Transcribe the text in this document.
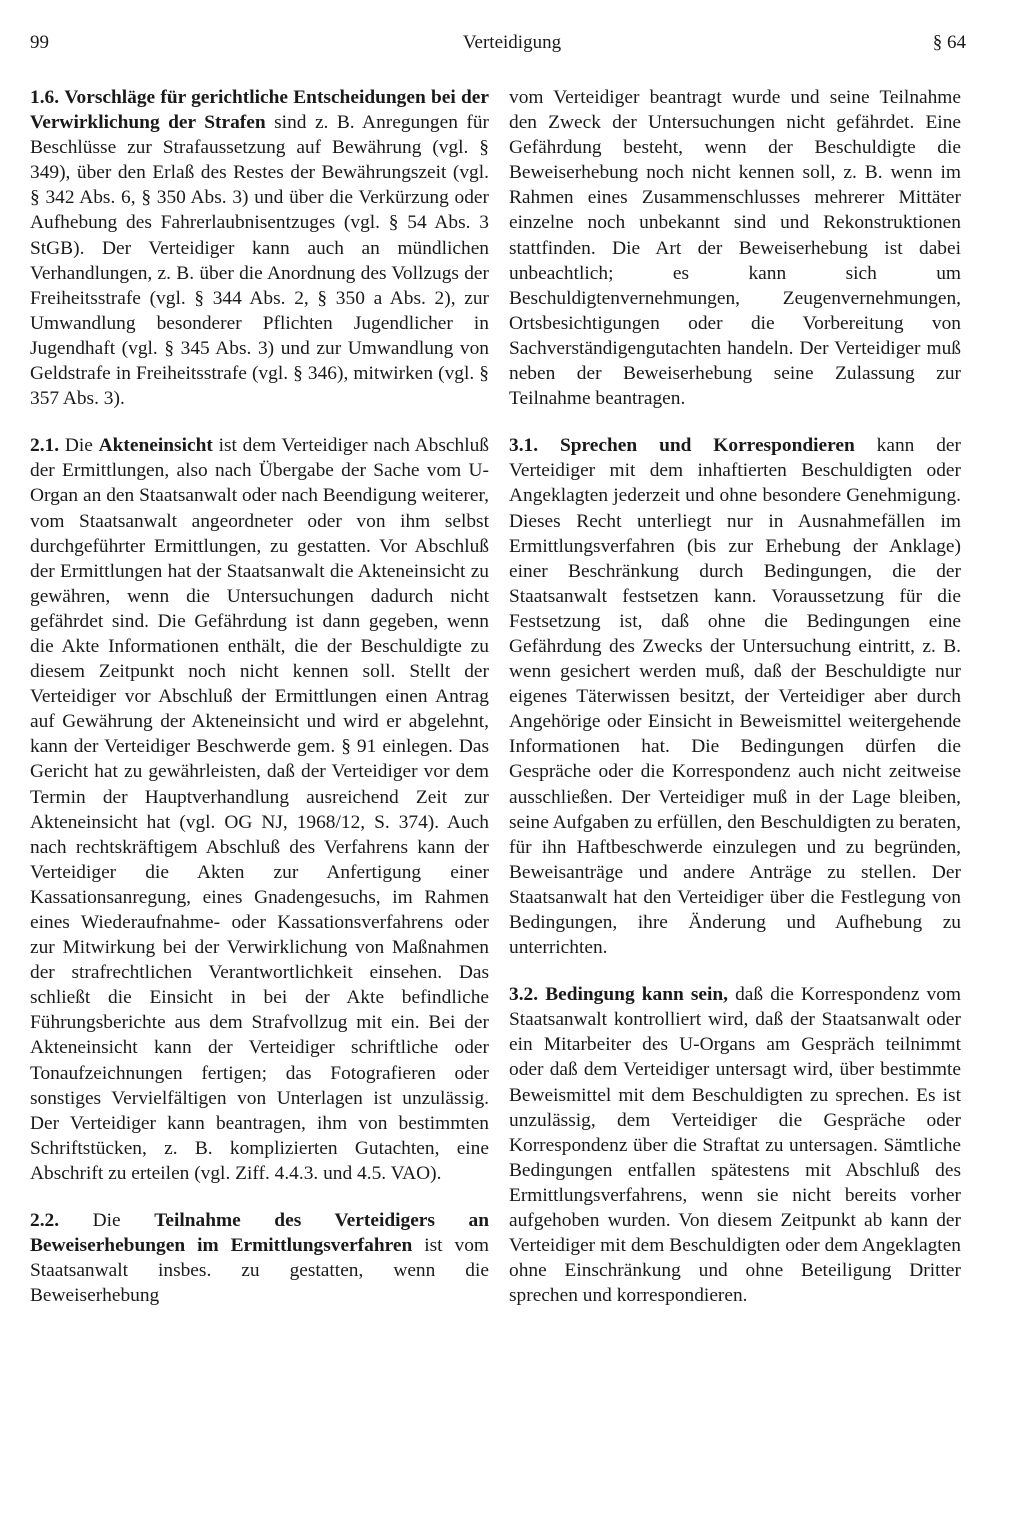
99	Verteidigung	§ 64

1.6. Vorschläge für gerichtliche Entscheidungen bei der Verwirklichung der Strafen sind z. B. Anregungen für Beschlüsse zur Strafaussetzung auf Bewährung (vgl. § 349), über den Erlaß des Restes der Bewährungszeit (vgl. § 342 Abs. 6, § 350 Abs. 3) und über die Verkürzung oder Aufhebung des Fahrerlaubnisentzuges (vgl. § 54 Abs. 3 StGB). Der Verteidiger kann auch an mündlichen Verhandlungen, z. B. über die Anordnung des Vollzugs der Freiheitsstrafe (vgl. § 344 Abs. 2, § 350 a Abs. 2), zur Umwandlung besonderer Pflichten Jugendlicher in Jugendhaft (vgl. § 345 Abs. 3) und zur Umwandlung von Geldstrafe in Freiheitsstrafe (vgl. § 346), mitwirken (vgl. § 357 Abs. 3).

2.1. Die Akteneinsicht ist dem Verteidiger nach Abschluß der Ermittlungen, also nach Übergabe der Sache vom U-Organ an den Staatsanwalt oder nach Beendigung weiterer, vom Staatsanwalt angeordneter oder von ihm selbst durchgeführter Ermittlungen, zu gestatten. Vor Abschluß der Ermittlungen hat der Staatsanwalt die Akteneinsicht zu gewähren, wenn die Untersuchungen dadurch nicht gefährdet sind. Die Gefährdung ist dann gegeben, wenn die Akte Informationen enthält, die der Beschuldigte zu diesem Zeitpunkt noch nicht kennen soll. Stellt der Verteidiger vor Abschluß der Ermittlungen einen Antrag auf Gewährung der Akteneinsicht und wird er abgelehnt, kann der Verteidiger Beschwerde gem. § 91 einlegen. Das Gericht hat zu gewährleisten, daß der Verteidiger vor dem Termin der Hauptverhandlung ausreichend Zeit zur Akteneinsicht hat (vgl. OG NJ, 1968/12, S. 374). Auch nach rechtskräftigem Abschluß des Verfahrens kann der Verteidiger die Akten zur Anfertigung einer Kassationsanregung, eines Gnadengesuchs, im Rahmen eines Wiederaufnahme- oder Kassationsverfahrens oder zur Mitwirkung bei der Verwirklichung von Maßnahmen der strafrechtlichen Verantwortlichkeit einsehen. Das schließt die Einsicht in bei der Akte befindliche Führungsberichte aus dem Strafvollzug mit ein. Bei der Akteneinsicht kann der Verteidiger schriftliche oder Tonaufzeichnungen fertigen; das Fotografieren oder sonstiges Vervielfältigen von Unterlagen ist unzulässig. Der Verteidiger kann beantragen, ihm von bestimmten Schriftstücken, z. B. komplizierten Gutachten, eine Abschrift zu erteilen (vgl. Ziff. 4.4.3. und 4.5. VAO).

2.2. Die Teilnahme des Verteidigers an Beweiserhebungen im Ermittlungsverfahren ist vom Staatsanwalt insbes. zu gestatten, wenn die Beweiserhebung

vom Verteidiger beantragt wurde und seine Teilnahme den Zweck der Untersuchungen nicht gefährdet. Eine Gefährdung besteht, wenn der Beschuldigte die Beweiserhebung noch nicht kennen soll, z. B. wenn im Rahmen eines Zusammenschlusses mehrerer Mittäter einzelne noch unbekannt sind und Rekonstruktionen stattfinden. Die Art der Beweiserhebung ist dabei unbeachtlich; es kann sich um Beschuldigtenvernehmungen, Zeugenvernehmungen, Ortsbesichtigungen oder die Vorbereitung von Sachverständigengutachten handeln. Der Verteidiger muß neben der Beweiserhebung seine Zulassung zur Teilnahme beantragen.

3.1. Sprechen und Korrespondieren kann der Verteidiger mit dem inhaftierten Beschuldigten oder Angeklagten jederzeit und ohne besondere Genehmigung. Dieses Recht unterliegt nur in Ausnahmefällen im Ermittlungsverfahren (bis zur Erhebung der Anklage) einer Beschränkung durch Bedingungen, die der Staatsanwalt festsetzen kann. Voraussetzung für die Festsetzung ist, daß ohne die Bedingungen eine Gefährdung des Zwecks der Untersuchung eintritt, z. B. wenn gesichert werden muß, daß der Beschuldigte nur eigenes Täterwissen besitzt, der Verteidiger aber durch Angehörige oder Einsicht in Beweismittel weitergehende Informationen hat. Die Bedingungen dürfen die Gespräche oder die Korrespondenz auch nicht zeitweise ausschließen. Der Verteidiger muß in der Lage bleiben, seine Aufgaben zu erfüllen, den Beschuldigten zu beraten, für ihn Haftbeschwerde einzulegen und zu begründen, Beweisanträge und andere Anträge zu stellen. Der Staatsanwalt hat den Verteidiger über die Festlegung von Bedingungen, ihre Änderung und Aufhebung zu unterrichten.

3.2. Bedingung kann sein, daß die Korrespondenz vom Staatsanwalt kontrolliert wird, daß der Staatsanwalt oder ein Mitarbeiter des U-Organs am Gespräch teilnimmt oder daß dem Verteidiger untersagt wird, über bestimmte Beweismittel mit dem Beschuldigten zu sprechen. Es ist unzulässig, dem Verteidiger die Gespräche oder Korrespondenz über die Straftat zu untersagen. Sämtliche Bedingungen entfallen spätestens mit Abschluß des Ermittlungsverfahrens, wenn sie nicht bereits vorher aufgehoben wurden. Von diesem Zeitpunkt ab kann der Verteidiger mit dem Beschuldigten oder dem Angeklagten ohne Einschränkung und ohne Beteiligung Dritter sprechen und korrespondieren.
